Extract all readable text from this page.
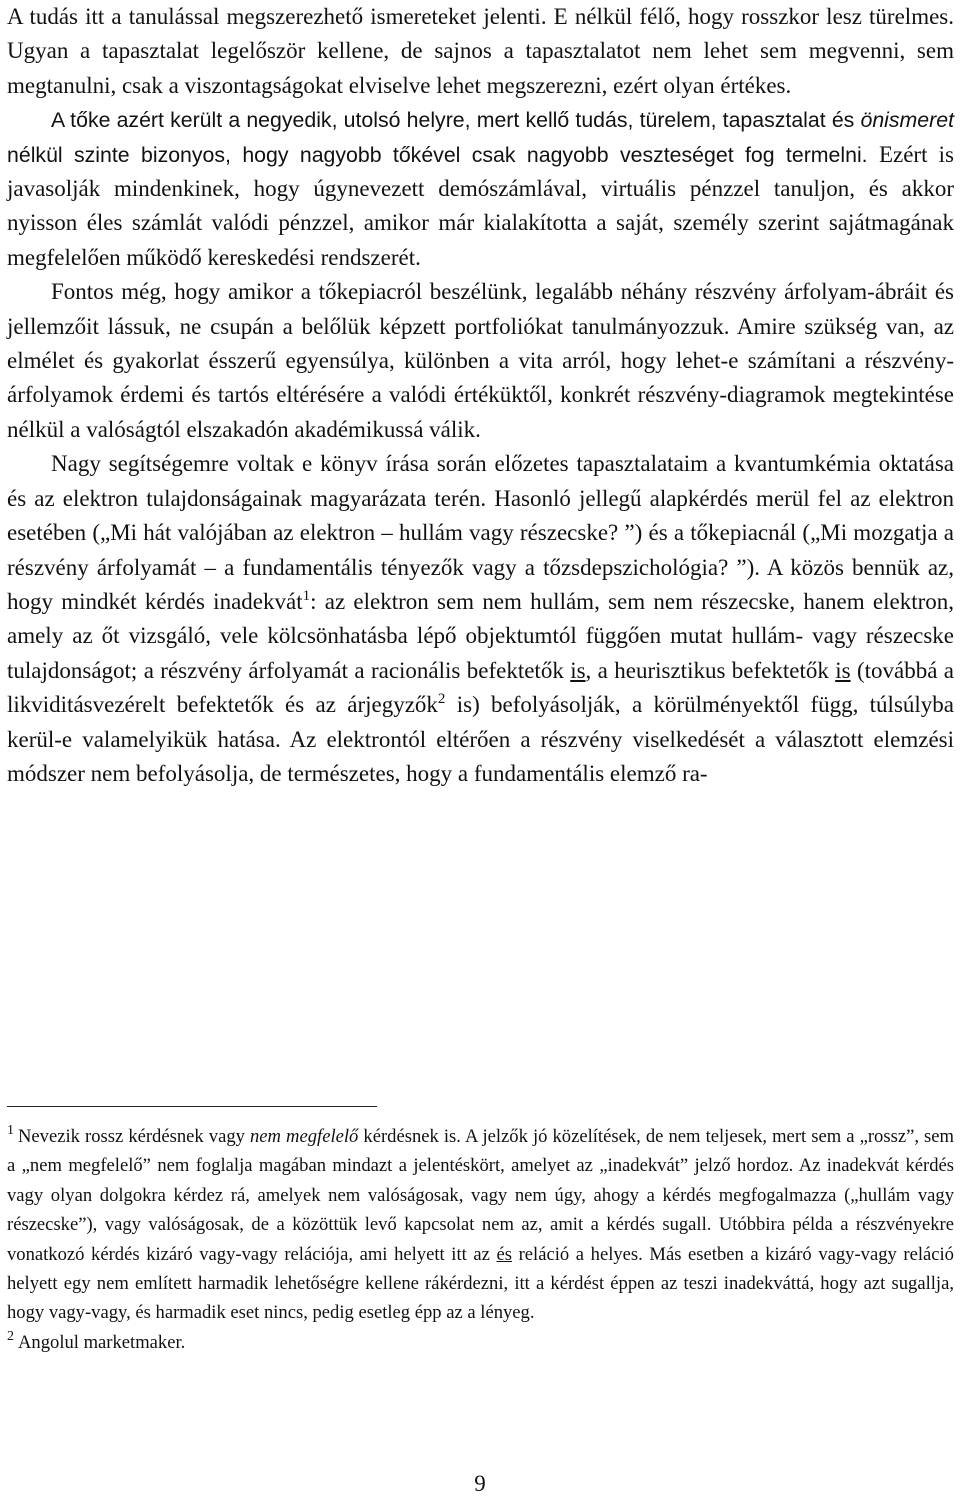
A tudás itt a tanulással megszerezhető ismereteket jelenti. E nélkül félő, hogy rosszkor lesz türelmes. Ugyan a tapasztalat legelőször kellene, de sajnos a tapasztalatot nem lehet sem megvenni, sem megtanulni, csak a viszontagságokat elviselve lehet megszerezni, ezért olyan értékes.

A tőke azért került a negyedik, utolsó helyre, mert kellő tudás, türelem, tapasztalat és önismeret nélkül szinte bizonyos, hogy nagyobb tőkével csak nagyobb veszteséget fog termelni. Ezért is javasolják mindenkinek, hogy úgynevezett demószámlával, virtuális pénzzel tanuljon, és akkor nyisson éles számlát valódi pénzzel, amikor már kialakította a saját, személy szerint sajátmagának megfelelően működő kereskedési rendszerét.

Fontos még, hogy amikor a tőkepiacról beszélünk, legalább néhány részvény árfolyam-ábráit és jellemzőit lássuk, ne csupán a belőlük képzett portfoliókat tanulmányozzuk. Amire szükség van, az elmélet és gyakorlat ésszerű egyensúlya, különben a vita arról, hogy lehet-e számítani a részvény-árfolyamok érdemi és tartós eltérésére a valódi értéküktől, konkrét részvény-diagramok megtekintése nélkül a valóságtól elszakadón akadémikussá válik.

Nagy segítségemre voltak e könyv írása során előzetes tapasztalataim a kvantumkémia oktatása és az elektron tulajdonságainak magyarázata terén. Hasonló jellegű alapkérdés merül fel az elektron esetében („Mi hát valójában az elektron – hullám vagy részecske? ”) és a tőkepiacnál („Mi mozgatja a részvény árfolyamát – a fundamentális tényezők vagy a tőzsdepszichológia? ”). A közös bennük az, hogy mindkét kérdés inadekvát$^1$: az elektron sem nem hullám, sem nem részecske, hanem elektron, amely az őt vizsgáló, vele kölcsönhatásba lépő objektumtól függően mutat hullám- vagy részecske tulajdonságot; a részvény árfolyamát a racionális befektetők is, a heurisztikus befektetők is (továbbá a likviditásvezérelt befektetők és az árjegyzők$^2$ is) befolyásolják, a körülményektől függ, túlsúlyba kerül-e valamelyikük hatása. Az elektrontól eltérően a részvény viselkedését a választott elemzési módszer nem befolyásolja, de természetes, hogy a fundamentális elemző ra-

$^1$ Nevezik rossz kérdésnek vagy nem megfelelő kérdésnek is. A jelzők jó közelítések, de nem teljesek, mert sem a „rossz”, sem a „nem megfelelő” nem foglalja magában mindazt a jelentéskört, amelyet az „inadekvát” jelző hordoz. Az inadekvát kérdés vagy olyan dolgokra kérdez rá, amelyek nem valóságosak, vagy nem úgy, ahogy a kérdés megfogalmazza („hullám vagy részecske”), vagy valóságosak, de a közöttük levő kapcsolat nem az, amit a kérdés sugall. Utóbbira példa a részvényekre vonatkozó kérdés kizáró vagy-vagy relációja, ami helyett itt az és reláció a helyes. Más esetben a kizáró vagy-vagy reláció helyett egy nem említett harmadik lehetőségre kellene rákérdezni, itt a kérdést éppen az teszi inadekváttá, hogy azt sugallja, hogy vagy-vagy, és harmadik eset nincs, pedig esetleg épp az a lényeg.

$^2$ Angolul marketmaker.

9
